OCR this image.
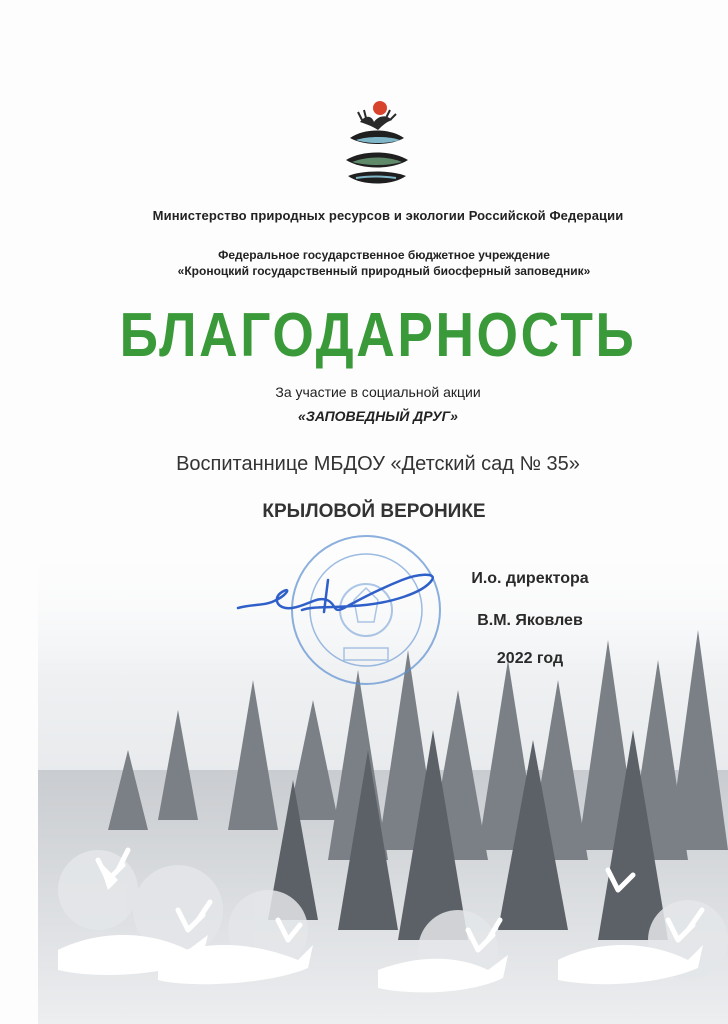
Министерство природных ресурсов и экологии Российской Федерации
Федеральное государственное бюджетное учреждение
«Кроноцкий государственный природный биосферный заповедник»
БЛАГОДАРНОСТЬ
За участие в социальной акции
«ЗАПОВЕДНЫЙ ДРУГ»
Воспитаннице МБДОУ «Детский сад № 35»
КРЫЛОВОЙ ВЕРОНИКЕ
И.о. директора
В.М. Яковлев
2022 год
